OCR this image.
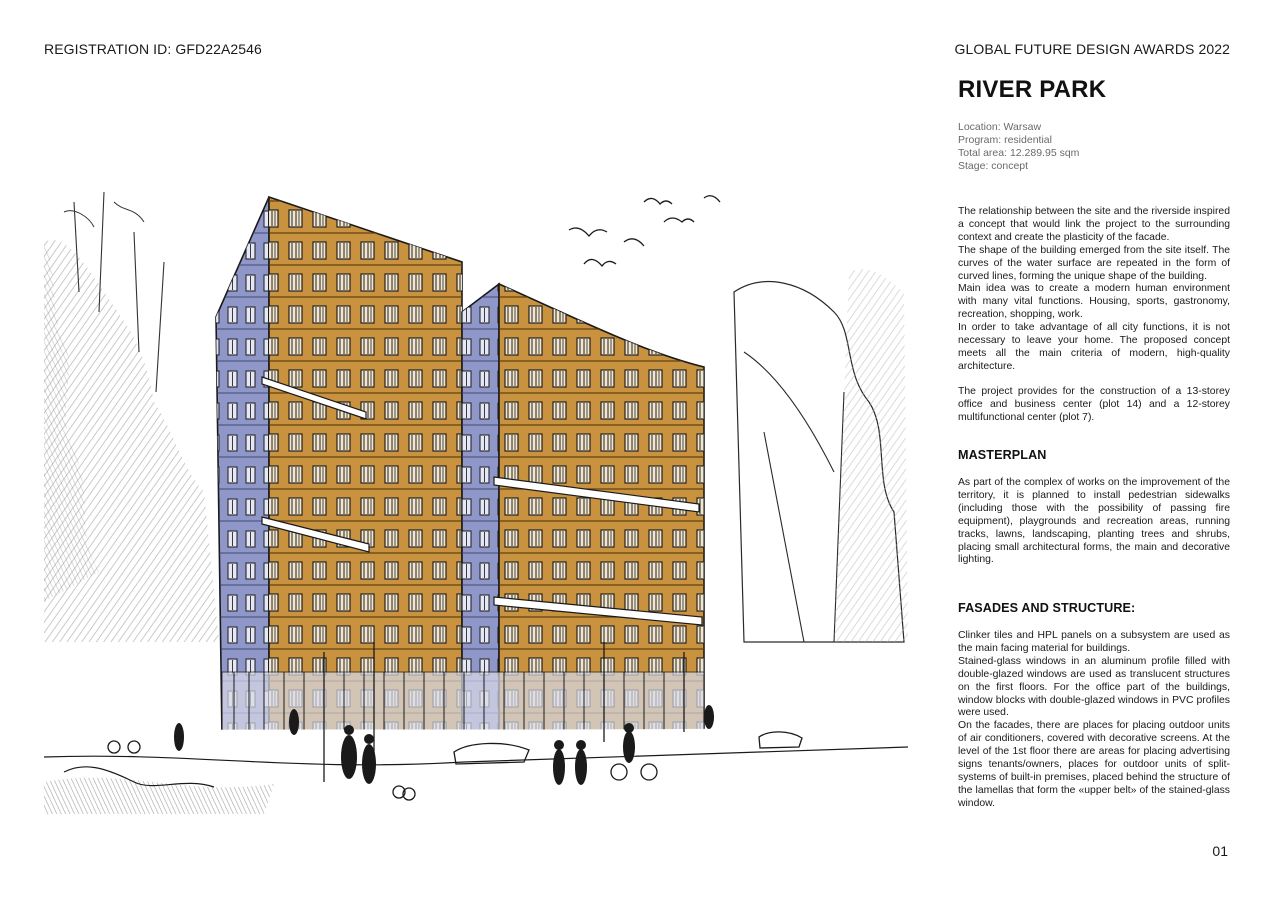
REGISTRATION ID: GFD22A2546	GLOBAL FUTURE DESIGN AWARDS 2022
RIVER PARK
Location: Warsaw
Program: residential
Total area: 12.289.95 sqm
Stage: concept

The relationship between the site and the riverside inspired a concept that would link the project to the surrounding context and create the plasticity of the facade.

The shape of the building emerged from the site itself. The curves of the water surface are repeated in the form of curved lines, forming the unique shape of the building.

Main idea was to create a modern human environment with many vital functions. Housing, sports, gastronomy, recreation, shopping, work.

In order to take advantage of all city functions, it is not necessary to leave your home. The proposed concept meets all the main criteria of modern, high-quality architecture.

The project provides for the construction of a 13-storey office and business center (plot 14) and a 12-storey multifunctional center (plot 7).

MASTERPLAN

As part of the complex of works on the improvement of the territory, it is planned to install pedestrian sidewalks (including those with the possibility of passing fire equipment), playgrounds and recreation areas, running tracks, lawns, landscaping, planting trees and shrubs, placing small architectural forms, the main and decorative lighting.

FASADES AND STRUCTURE:

Clinker tiles and HPL panels on a subsystem are used as the main facing material for buildings.

Stained-glass windows in an aluminum profile filled with double-glazed windows are used as translucent structures on the first floors. For the office part of the buildings, window blocks with double-glazed windows in PVC profiles were used.

On the facades, there are places for placing outdoor units of air conditioners, covered with decorative screens. At the level of the 1st floor there are areas for placing advertising signs tenants/owners, places for outdoor units of split-systems of built-in premises, placed behind the structure of the lamellas that form the «upper belt» of the stained-glass window.

01
